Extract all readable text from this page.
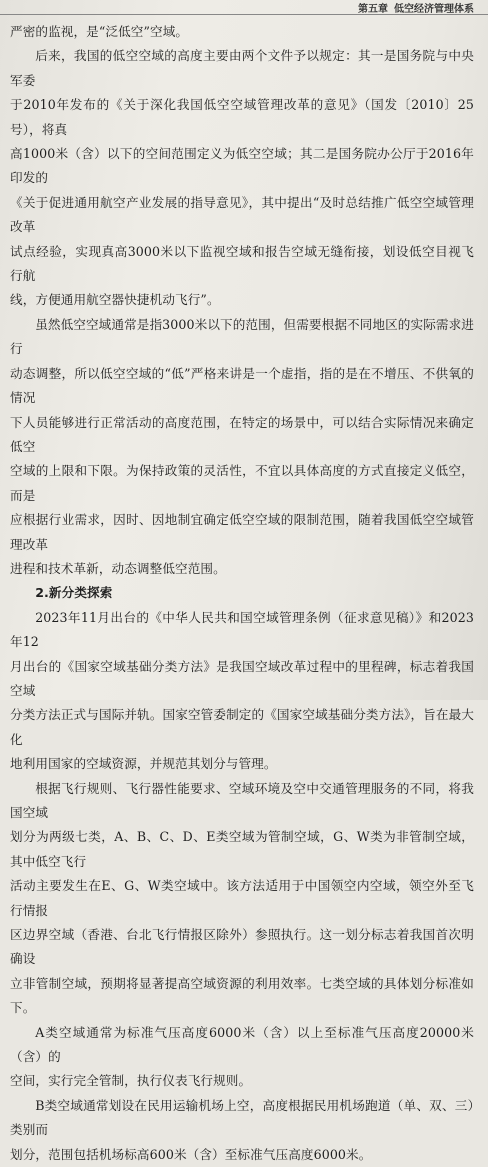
第五章 低空经济管理体系

严密的监视，是“泛低空”空域。

后来，我国的低空空域的高度主要由两个文件予以规定：其一是国务院与中央军委

于2010年发布的《关于深化我国低空空域管理改革的意见》（国发〔2010〕25号），将真

高1000米（含）以下的空间范围定义为低空空域；其二是国务院办公厅于2016年印发的

《关于促进通用航空产业发展的指导意见》，其中提出“及时总结推广低空空域管理改革

试点经验，实现真高3000米以下监视空域和报告空域无缝衔接，划设低空目视飞行航

线，方便通用航空器快捷机动飞行”。

虽然低空空域通常是指3000米以下的范围，但需要根据不同地区的实际需求进行

动态调整，所以低空空域的“低”严格来讲是一个虚指，指的是在不增压、不供氧的情况

下人员能够进行正常活动的高度范围，在特定的场景中，可以结合实际情况来确定低空

空域的上限和下限。为保持政策的灵活性，不宜以具体高度的方式直接定义低空，而是

应根据行业需求，因时、因地制宜确定低空空域的限制范围，随着我国低空空域管理改革

进程和技术革新，动态调整低空范围。

2.新分类探索

2023年11月出台的《中华人民共和国空域管理条例（征求意见稿）》和2023年12

月出台的《国家空域基础分类方法》是我国空域改革过程中的里程碑，标志着我国空域

分类方法正式与国际并轨。国家空管委制定的《国家空域基础分类方法》，旨在最大化

地利用国家的空域资源，并规范其划分与管理。

根据飞行规则、飞行器性能要求、空域环境及空中交通管理服务的不同，将我国空域

划分为两级七类，A、B、C、D、E类空域为管制空域，G、W类为非管制空域，其中低空飞行

活动主要发生在E、G、W类空域中。该方法适用于中国领空内空域，领空外至飞行情报

区边界空域（香港、台北飞行情报区除外）参照执行。这一划分标志着我国首次明确设

立非管制空域，预期将显著提高空域资源的利用效率。七类空域的具体划分标准如下。

A类空域通常为标准气压高度6000米（含）以上至标准气压高度20000米（含）的

空间，实行完全管制，执行仪表飞行规则。

B类空域通常划设在民用运输机场上空，高度根据民用机场跑道（单、双、三）类别而

划分，范围包括机场标高600米（含）至标准气压高度6000米。
